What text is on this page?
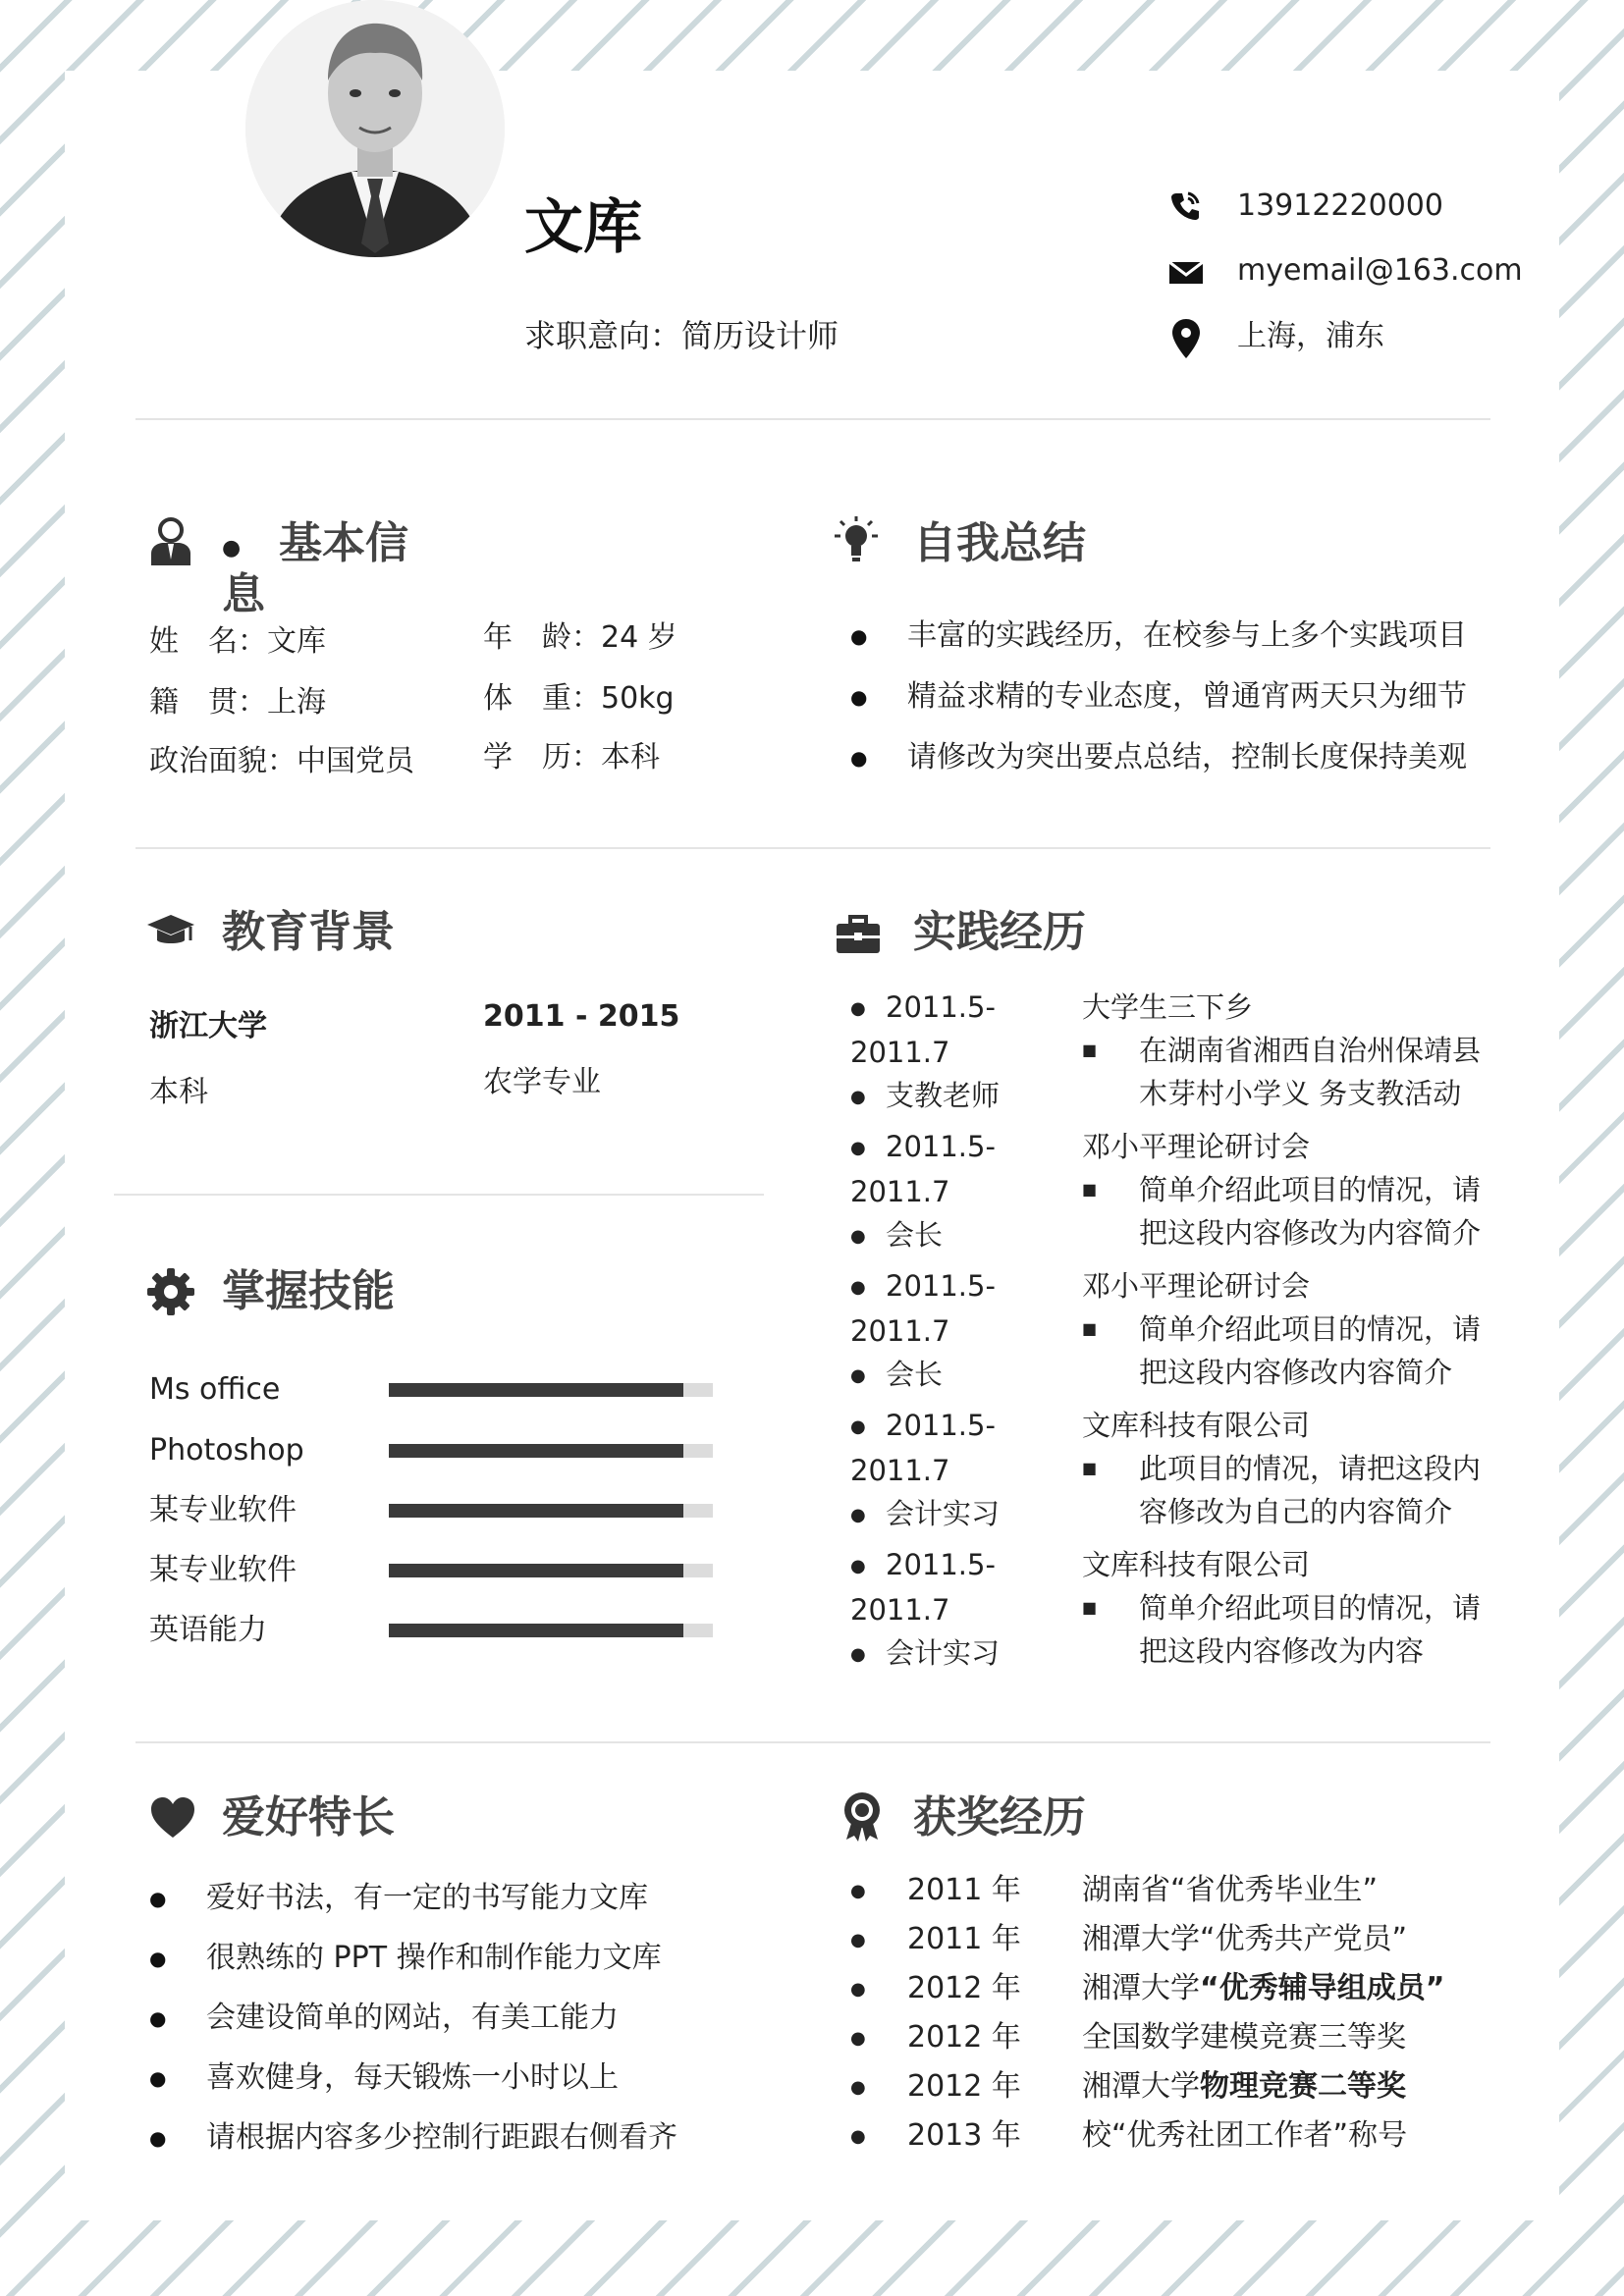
文库
求职意向：简历设计师
13912220000
myemail@163.com
上海，浦东
● 基本信息
姓　名：文库
籍　贯：上海
政治面貌：中国党员
年　龄：24 岁
体　重：50kg
学　历：本科
自我总结
● 丰富的实践经历，在校参与上多个实践项目
● 精益求精的专业态度，曾通宵两天只为细节
● 请修改为突出要点总结，控制长度保持美观
教育背景
浙江大学	2011 - 2015
本科	农学专业
掌握技能
Ms office
Photoshop
某专业软件
某专业软件
英语能力
实践经历
● 2011.5-
2011.7
● 支教老师
大学生三下乡
■ 在湖南省湘西自治州保靖县
木芽村小学义 务支教活动
● 2011.5-
2011.7
● 会长
邓小平理论研讨会
■ 简单介绍此项目的情况，请
把这段内容修改为内容简介
● 2011.5-
2011.7
● 会长
邓小平理论研讨会
■ 简单介绍此项目的情况，请
把这段内容修改内容简介
● 2011.5-
2011.7
● 会计实习
文库科技有限公司
■ 此项目的情况，请把这段内
容修改为自己的内容简介
● 2011.5-
2011.7
● 会计实习
文库科技有限公司
■ 简单介绍此项目的情况，请
把这段内容修改为内容
爱好特长
● 爱好书法，有一定的书写能力文库
● 很熟练的 PPT 操作和制作能力文库
● 会建设简单的网站，有美工能力
● 喜欢健身，每天锻炼一小时以上
● 请根据内容多少控制行距跟右侧看齐
获奖经历
● 2011 年 湖南省“省优秀毕业生”
● 2011 年 湘潭大学“优秀共产党员”
● 2012 年 湘潭大学“优秀辅导组成员”
● 2012 年 全国数学建模竞赛三等奖
● 2012 年 湘潭大学物理竞赛二等奖
● 2013 年 校“优秀社团工作者”称号
